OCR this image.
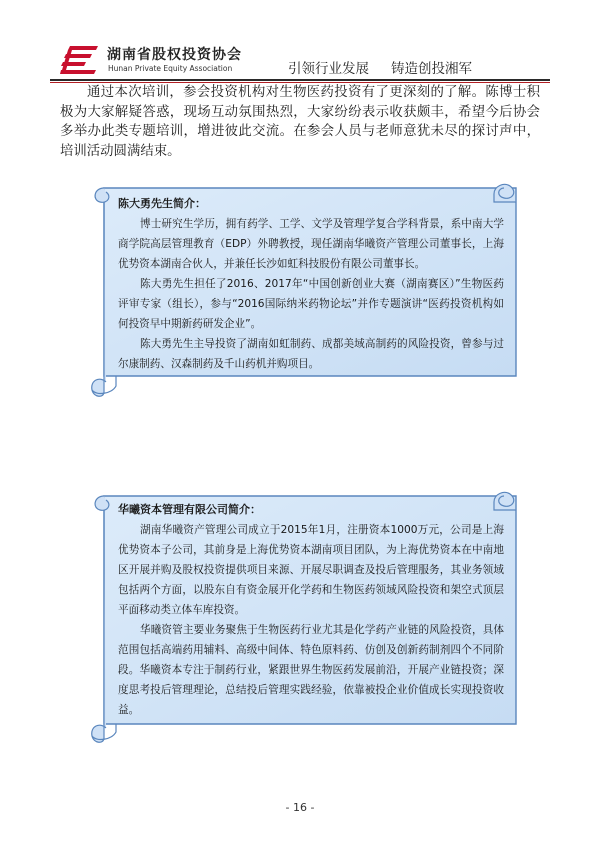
湖南省股权投资协会
Hunan Private Equity Association	引领行业发展 铸造创投湘军

通过本次培训，参会投资机构对生物医药投资有了更深刻的了解。陈博士积极为大家解疑答惑，现场互动氛围热烈，大家纷纷表示收获颇丰，希望今后协会多举办此类专题培训，增进彼此交流。在参会人员与老师意犹未尽的探讨声中，培训活动圆满结束。

陈大勇先生简介：

博士研究生学历，拥有药学、工学、文学及管理学复合学科背景，系中南大学商学院高层管理教育（EDP）外聘教授，现任湖南华曦资产管理公司董事长，上海优势资本湖南合伙人，并兼任长沙如虹科技股份有限公司董事长。

陈大勇先生担任了2016、2017年“中国创新创业大赛（湖南赛区）”生物医药评审专家（组长），参与“2016国际纳米药物论坛”并作专题演讲“医药投资机构如何投资早中期新药研发企业”。

陈大勇先生主导投资了湖南如虹制药、成都美域高制药的风险投资，曾参与过尔康制药、汉森制药及千山药机并购项目。

华曦资本管理有限公司简介：

湖南华曦资产管理公司成立于2015年1月，注册资本1000万元，公司是上海优势资本子公司，其前身是上海优势资本湖南项目团队，为上海优势资本在中南地区开展并购及股权投资提供项目来源、开展尽职调查及投后管理服务，其业务领域包括两个方面，以股东自有资金展开化学药和生物医药领域风险投资和架空式顶层平面移动类立体车库投资。

华曦资管主要业务聚焦于生物医药行业尤其是化学药产业链的风险投资，具体范围包括高端药用辅料、高级中间体、特色原料药、仿创及创新药制剂四个不同阶段。华曦资本专注于制药行业，紧跟世界生物医药发展前沿，开展产业链投资；深度思考投后管理理论，总结投后管理实践经验，依靠被投企业价值成长实现投资收益。

- 16 -
